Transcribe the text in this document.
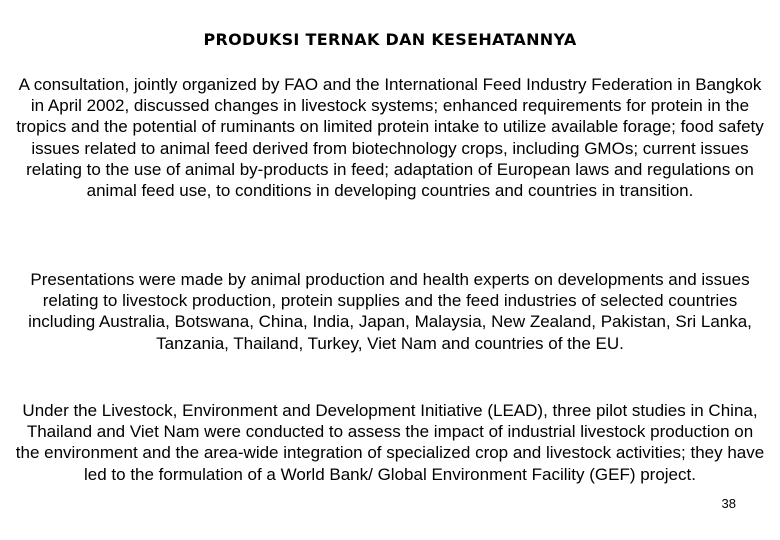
PRODUKSI TERNAK DAN KESEHATANNYA

A consultation, jointly organized by FAO and the International Feed Industry Federation in Bangkok in April 2002, discussed changes in livestock systems; enhanced requirements for protein in the tropics and the potential of ruminants on limited protein intake to utilize available forage; food safety issues related to animal feed derived from biotechnology crops, including GMOs; current issues relating to the use of animal by-products in feed; adaptation of European laws and regulations on animal feed use, to conditions in developing countries and countries in transition.

Presentations were made by animal production and health experts on developments and issues relating to livestock production, protein supplies and the feed industries of selected countries including Australia, Botswana, China, India, Japan, Malaysia, New Zealand, Pakistan, Sri Lanka, Tanzania, Thailand, Turkey, Viet Nam and countries of the EU.

Under the Livestock, Environment and Development Initiative (LEAD), three pilot studies in China, Thailand and Viet Nam were conducted to assess the impact of industrial livestock production on the environment and the area-wide integration of specialized crop and livestock activities; they have led to the formulation of a World Bank/ Global Environment Facility (GEF) project.

38
